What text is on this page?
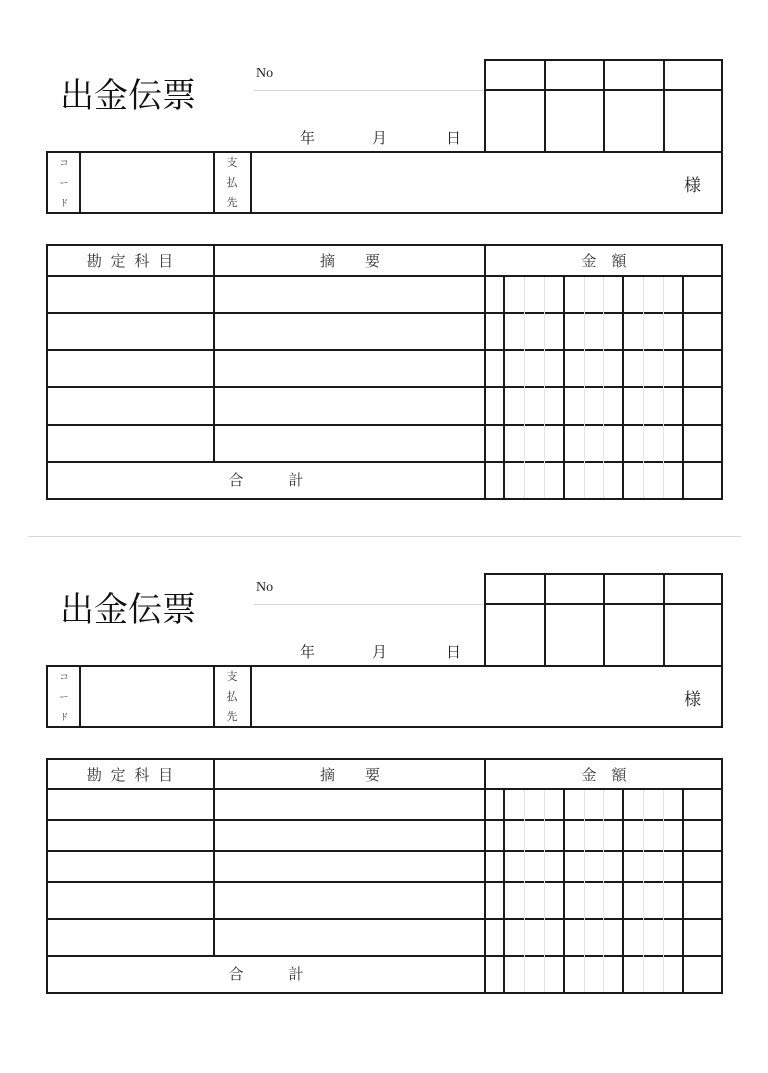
出金伝票
No
年	月	日
コ
ー
ド
支
払
先
様
勘 定 科 目	摘　　要	金　額
合　　　計
出金伝票
No
年	月	日
コ
ー
ド
支
払
先
様
勘 定 科 目	摘　　要	金　額
合　　　計
